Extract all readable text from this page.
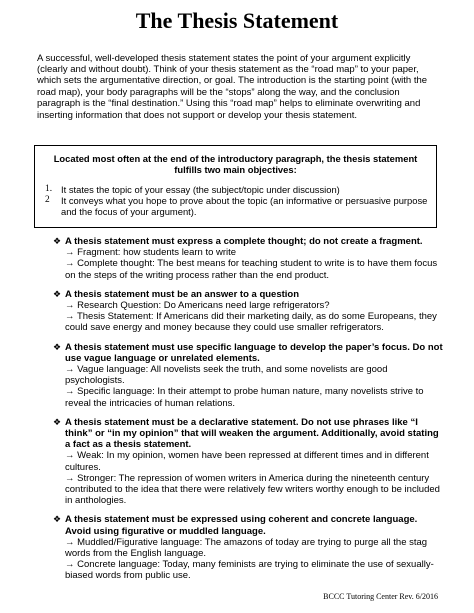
The Thesis Statement

A successful, well-developed thesis statement states the point of your argument explicitly (clearly and without doubt). Think of your thesis statement as the “road map” to your paper, which sets the argumentative direction, or goal. The introduction is the starting point (with the road map), your body paragraphs will be the “stops” along the way, and the conclusion paragraph is the “final destination.” Using this “road map” helps to eliminate overwriting and inserting information that does not support or develop your thesis statement.

Located most often at the end of the introductory paragraph, the thesis statement fulfills two main objectives:
1. It states the topic of your essay (the subject/topic under discussion)
2 It conveys what you hope to prove about the topic (an informative or persuasive purpose and the focus of your argument).
❖ A thesis statement must express a complete thought; do not create a fragment.
→ Fragment: how students learn to write
→ Complete thought: The best means for teaching student to write is to have them focus on the steps of the writing process rather than the end product.
❖ A thesis statement must be an answer to a question
→ Research Question: Do Americans need large refrigerators?
→ Thesis Statement: If Americans did their marketing daily, as do some Europeans, they could save energy and money because they could use smaller refrigerators.
❖ A thesis statement must use specific language to develop the paper’s focus. Do not use vague language or unrelated elements.
→ Vague language: All novelists seek the truth, and some novelists are good psychologists.
→ Specific language: In their attempt to probe human nature, many novelists strive to reveal the intricacies of human relations.
❖ A thesis statement must be a declarative statement. Do not use phrases like “I think” or “in my opinion” that will weaken the argument. Additionally, avoid stating a fact as a thesis statement.
→ Weak: In my opinion, women have been repressed at different times and in different cultures.
→ Stronger: The repression of women writers in America during the nineteenth century contributed to the idea that there were relatively few writers worthy enough to be included in anthologies.
❖ A thesis statement must be expressed using coherent and concrete language. Avoid using figurative or muddled language.
→ Muddled/Figurative language: The amazons of today are trying to purge all the stag words from the English language.
→ Concrete language: Today, many feminists are trying to eliminate the use of sexually-biased words from public use.
BCCC Tutoring Center Rev. 6/2016
